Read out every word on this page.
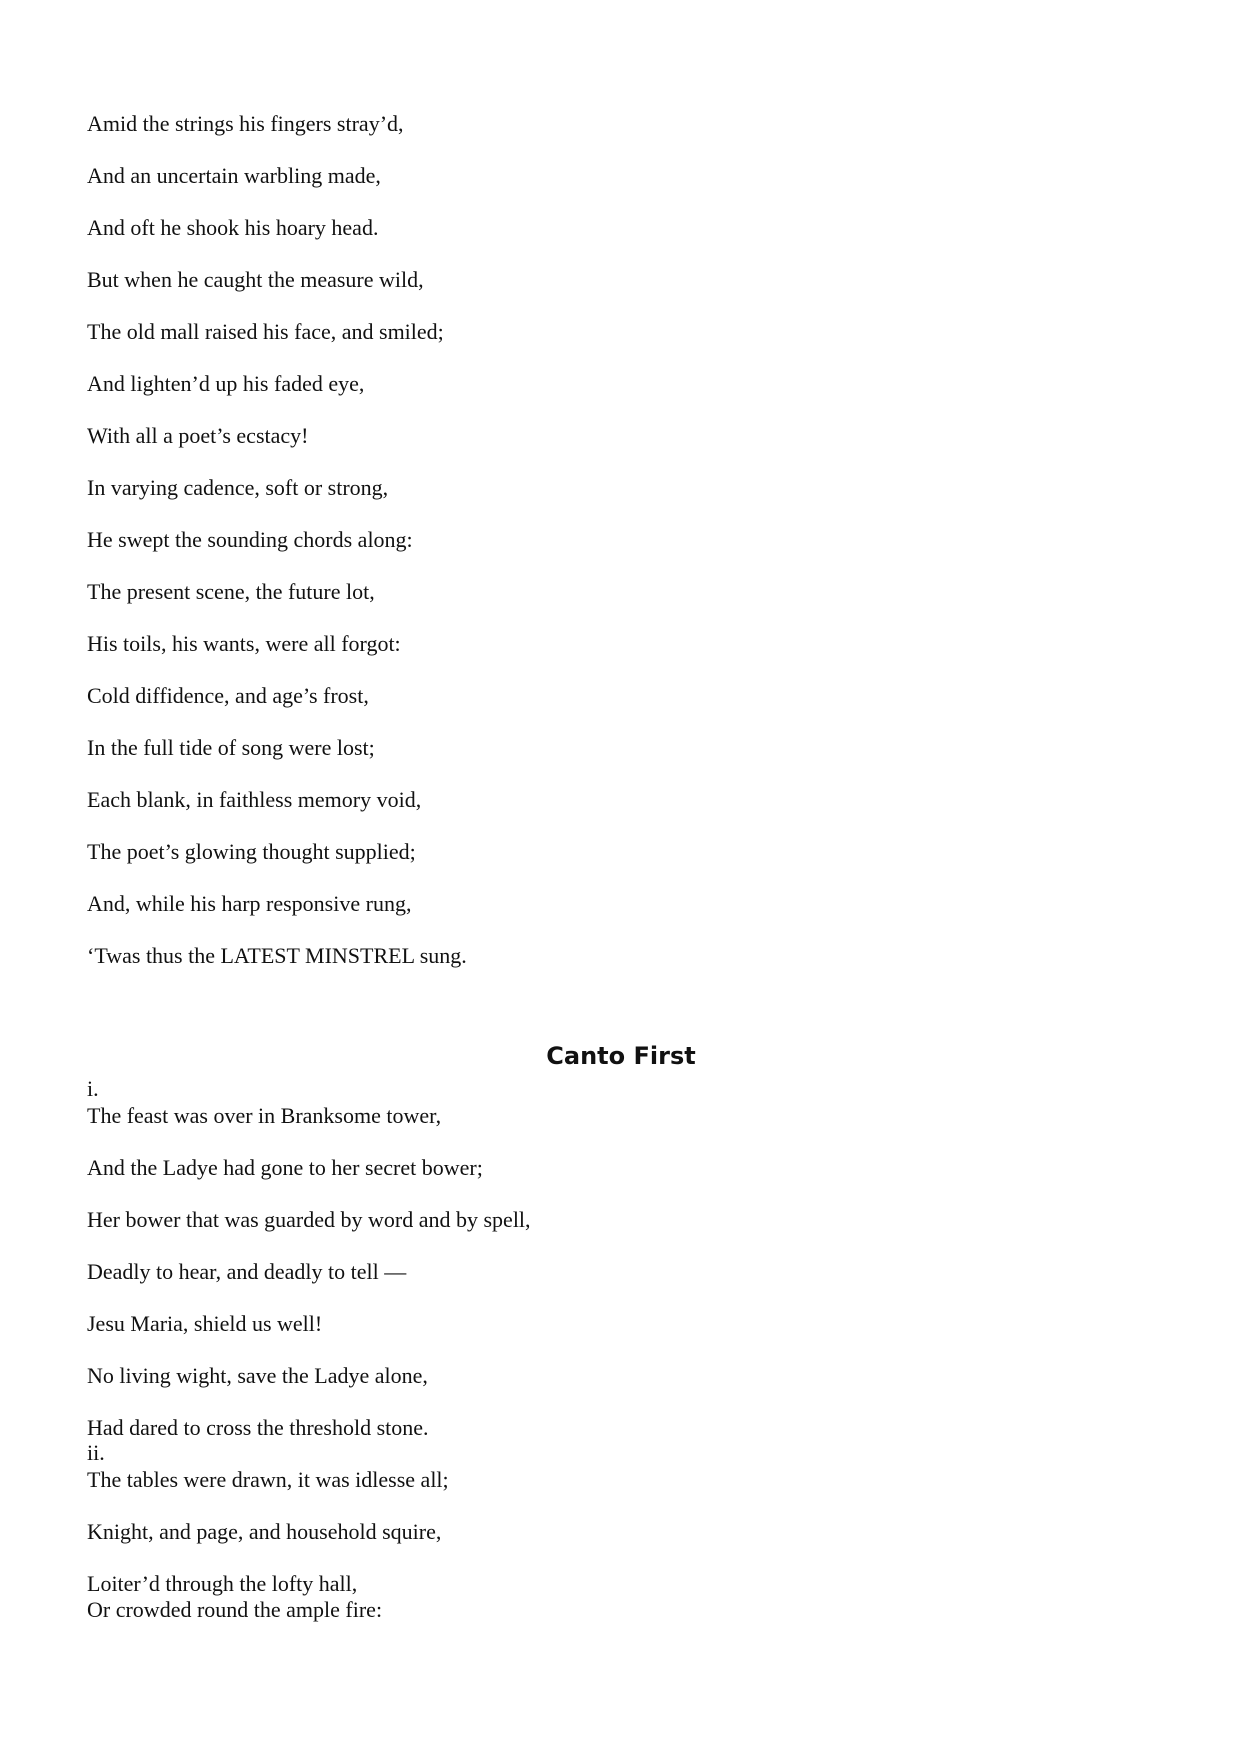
Amid the strings his fingers stray’d,
And an uncertain warbling made,
And oft he shook his hoary head.
But when he caught the measure wild,
The old mall raised his face, and smiled;
And lighten’d up his faded eye,
With all a poet’s ecstacy!
In varying cadence, soft or strong,
He swept the sounding chords along:
The present scene, the future lot,
His toils, his wants, were all forgot:
Cold diffidence, and age’s frost,
In the full tide of song were lost;
Each blank, in faithless memory void,
The poet’s glowing thought supplied;
And, while his harp responsive rung,
‘Twas thus the LATEST MINSTREL sung.
Canto First
i.
The feast was over in Branksome tower,
And the Ladye had gone to her secret bower;
Her bower that was guarded by word and by spell,
Deadly to hear, and deadly to tell —
Jesu Maria, shield us well!
No living wight, save the Ladye alone,
Had dared to cross the threshold stone.
ii.
The tables were drawn, it was idlesse all;
Knight, and page, and household squire,
Loiter’d through the lofty hall,
Or crowded round the ample fire:
